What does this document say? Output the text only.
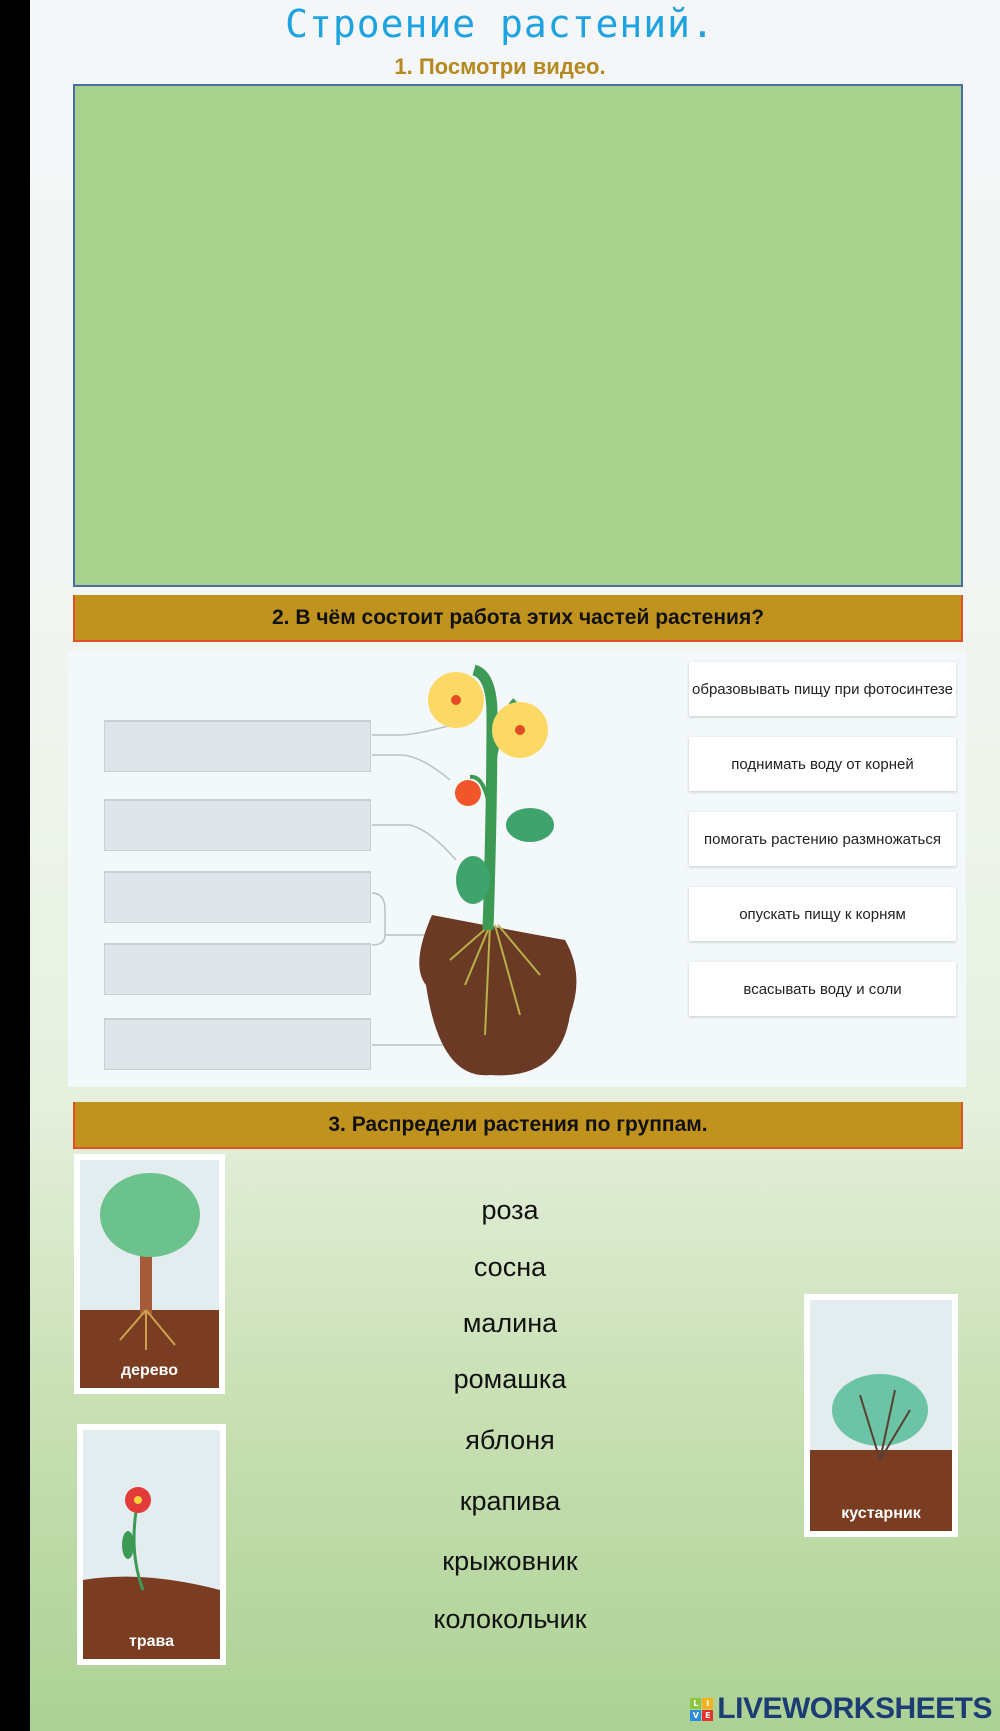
Строение растений.
1. Посмотри видео.
2. В чём состоит работа этих частей растения?
образовывать пищу при фотосинтезе
поднимать воду от корней
помогать растению размножаться
опускать пищу к корням
всасывать воду и соли
3. Распредели растения по группам.
дерево
трава
кустарник
роза
сосна
малина
ромашка
яблоня
крапива
крыжовник
колокольчик
L I
V E LIVEWORKSHEETS
